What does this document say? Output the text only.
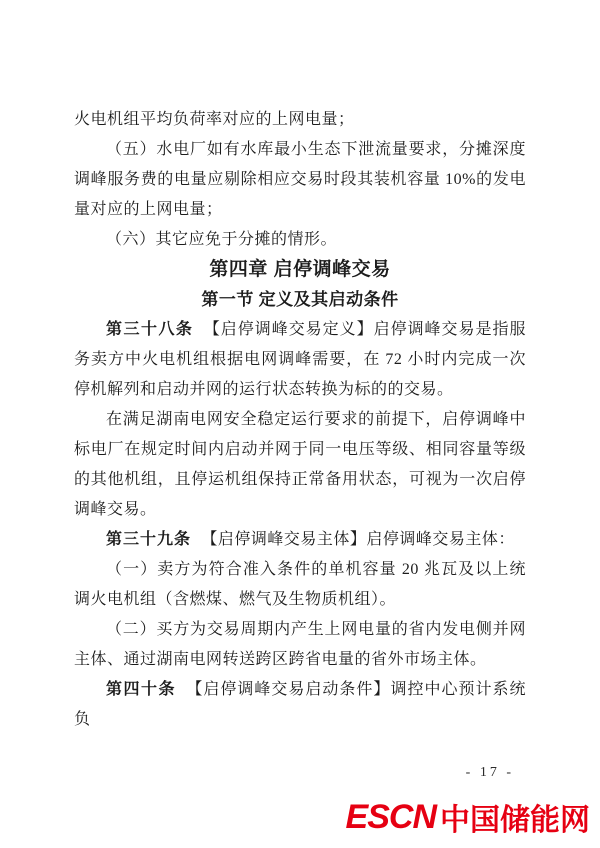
火电机组平均负荷率对应的上网电量；

（五）水电厂如有水库最小生态下泄流量要求，分摊深度调峰服务费的电量应剔除相应交易时段其装机容量 10%的发电量对应的上网电量；

（六）其它应免于分摊的情形。

第四章 启停调峰交易

第一节 定义及其启动条件

第三十八条 【启停调峰交易定义】启停调峰交易是指服务卖方中火电机组根据电网调峰需要，在 72 小时内完成一次停机解列和启动并网的运行状态转换为标的的交易。

在满足湖南电网安全稳定运行要求的前提下，启停调峰中标电厂在规定时间内启动并网于同一电压等级、相同容量等级的其他机组，且停运机组保持正常备用状态，可视为一次启停调峰交易。

第三十九条 【启停调峰交易主体】启停调峰交易主体：

（一）卖方为符合准入条件的单机容量 20 兆瓦及以上统调火电机组（含燃煤、燃气及生物质机组）。

（二）买方为交易周期内产生上网电量的省内发电侧并网主体、通过湖南电网转送跨区跨省电量的省外市场主体。

第四十条 【启停调峰交易启动条件】调控中心预计系统负

- 17 -
ESCN 中国储能网
